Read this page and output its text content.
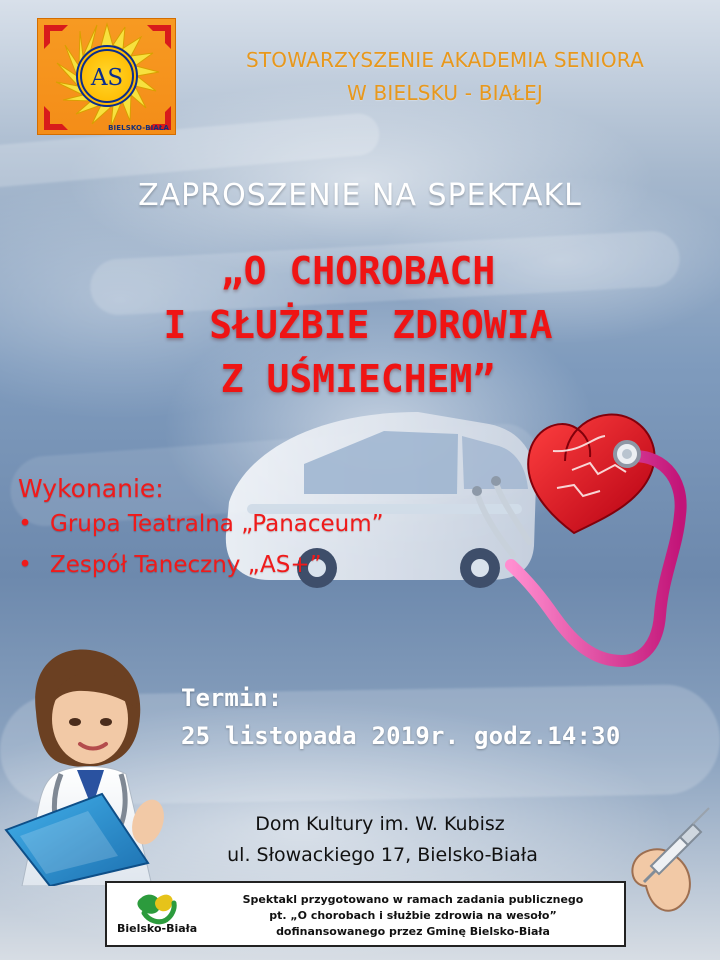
AS
BIELSKO-BIAŁA
STOWARZYSZENIE AKADEMIA SENIORA
W BIELSKU - BIAŁEJ
ZAPROSZENIE NA SPEKTAKL
„O CHOROBACH
I SŁUŻBIE ZDROWIA
Z UŚMIECHEM”
Wykonanie:
• Grupa Teatralna „Panaceum”
• Zespół Taneczny „AS+”
Termin:
25 listopada 2019r. godz.14:30
Dom Kultury im. W. Kubisz
ul. Słowackiego 17, Bielsko-Biała
Bielsko-Biała
Spektakl przygotowano w ramach zadania publicznego
pt. „O chorobach i służbie zdrowia na wesoło”
dofinansowanego przez Gminę Bielsko-Biała
